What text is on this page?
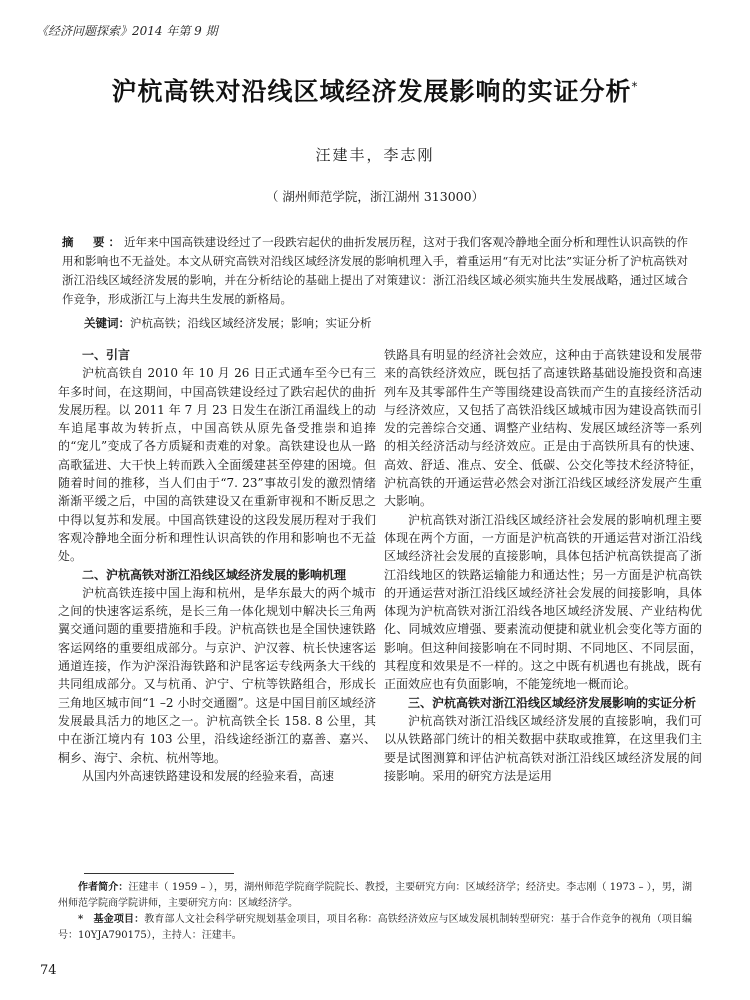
《经济问题探索》2014 年第 9 期
沪杭高铁对沿线区域经济发展影响的实证分析*
汪建丰，李志刚
（ 湖州师范学院，浙江湖州 313000）
摘　要：近年来中国高铁建设经过了一段跌宕起伏的曲折发展历程，这对于我们客观冷静地全面分析和理性认识高铁的作用和影响也不无益处。本文从研究高铁对沿线区域经济发展的影响机理入手，着重运用“有无对比法”实证分析了沪杭高铁对浙江沿线区域经济发展的影响，并在分析结论的基础上提出了对策建议：浙江沿线区域必须实施共生发展战略，通过区域合作竞争，形成浙江与上海共生发展的新格局。
关键词：沪杭高铁；沿线区域经济发展；影响；实证分析
一、引言

沪杭高铁自 2010 年 10 月 26 日正式通车至今已有三年多时间，在这期间，中国高铁建设经过了跌宕起伏的曲折发展历程。以 2011 年 7 月 23 日发生在浙江甬温线上的动车追尾事故为转折点，中国高铁从原先备受推崇和追捧的“宠儿”变成了各方质疑和责难的对象。高铁建设也从一路高歌猛进、大干快上转而跌入全面缓建甚至停建的困境。但随着时间的推移，当人们由于“7. 23”事故引发的激烈情绪渐渐平缓之后，中国的高铁建设又在重新审视和不断反思之中得以复苏和发展。中国高铁建设的这段发展历程对于我们客观冷静地全面分析和理性认识高铁的作用和影响也不无益处。

二、沪杭高铁对浙江沿线区域经济发展的影响机理

沪杭高铁连接中国上海和杭州，是华东最大的两个城市之间的快速客运系统，是长三角一体化规划中解决长三角两翼交通问题的重要措施和手段。沪杭高铁也是全国快速铁路客运网络的重要组成部分。与京沪、沪汉蓉、杭长快速客运通道连接，作为沪深沿海铁路和沪昆客运专线两条大干线的共同组成部分。又与杭甬、沪宁、宁杭等铁路组合，形成长三角地区城市间“1 –2 小时交通圈”。这是中国目前区域经济发展最具活力的地区之一。沪杭高铁全长 158. 8 公里，其中在浙江境内有 103 公里，沿线途经浙江的嘉善、嘉兴、桐乡、海宁、余杭、杭州等地。

从国内外高速铁路建设和发展的经验来看，高速

铁路具有明显的经济社会效应，这种由于高铁建设和发展带来的高铁经济效应，既包括了高速铁路基础设施投资和高速列车及其零部件生产等围绕建设高铁而产生的直接经济活动与经济效应，又包括了高铁沿线区域城市因为建设高铁而引发的完善综合交通、调整产业结构、发展区域经济等一系列的相关经济活动与经济效应。正是由于高铁所具有的快速、高效、舒适、准点、安全、低碳、公交化等技术经济特征，沪杭高铁的开通运营必然会对浙江沿线区域经济发展产生重大影响。

沪杭高铁对浙江沿线区域经济社会发展的影响机理主要体现在两个方面，一方面是沪杭高铁的开通运营对浙江沿线区域经济社会发展的直接影响，具体包括沪杭高铁提高了浙江沿线地区的铁路运输能力和通达性；另一方面是沪杭高铁的开通运营对浙江沿线区域经济社会发展的间接影响，具体体现为沪杭高铁对浙江沿线各地区域经济发展、产业结构优化、同城效应增强、要素流动便捷和就业机会变化等方面的影响。但这种间接影响在不同时期、不同地区、不同层面，其程度和效果是不一样的。这之中既有机遇也有挑战，既有正面效应也有负面影响，不能笼统地一概而论。

三、沪杭高铁对浙江沿线区域经济发展影响的实证分析

沪杭高铁对浙江沿线区域经济发展的直接影响，我们可以从铁路部门统计的相关数据中获取或推算，在这里我们主要是试图测算和评估沪杭高铁对浙江沿线区域经济发展的间接影响。采用的研究方法是运用

作者简介：汪建丰（ 1959 – ），男，湖州师范学院商学院院长、教授，主要研究方向：区域经济学；经济史。李志刚（ 1973 – ），男，湖州师范学院商学院讲师，主要研究方向：区域经济学。

*　基金项目：教育部人文社会科学研究规划基金项目，项目名称：高铁经济效应与区域发展机制转型研究：基于合作竞争的视角（项目编号：10YJA790175），主持人：汪建丰。

74
